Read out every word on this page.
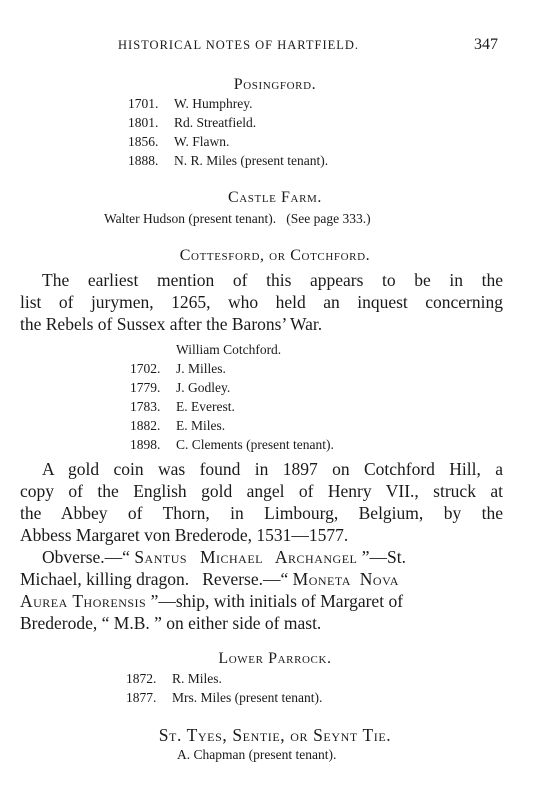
HISTORICAL NOTES OF HARTFIELD.	347
Posingford.
1701. W. Humphrey.
1801. Rd. Streatfield.
1856. W. Flawn.
1888. N. R. Miles (present tenant).
Castle Farm.
Walter Hudson (present tenant).   (See page 333.)
Cottesford, or Cotchford.
The earliest mention of this appears to be in the
list of jurymen, 1265, who held an inquest concerning
the Rebels of Sussex after the Barons’ War.
William Cotchford.
1702. J. Milles.
1779. J. Godley.
1783. E. Everest.
1882. E. Miles.
1898. C. Clements (present tenant).
A gold coin was found in 1897 on Cotchford Hill, a
copy of the English gold angel of Henry VII., struck at
the Abbey of Thorn, in Limbourg, Belgium, by the
Abbess Margaret von Brederode, 1531—1577.
Obverse.—“ Santus Michael Archangel ”—St.
Michael, killing dragon.   Reverse.—“ Moneta Nova
Aurea Thorensis ”—ship, with initials of Margaret of
Brederode, “ M.B. ” on either side of mast.
Lower Parrock.
1872. R. Miles.
1877. Mrs. Miles (present tenant).
St. Tyes, Sentie, or Seynt Tie.
A. Chapman (present tenant).
